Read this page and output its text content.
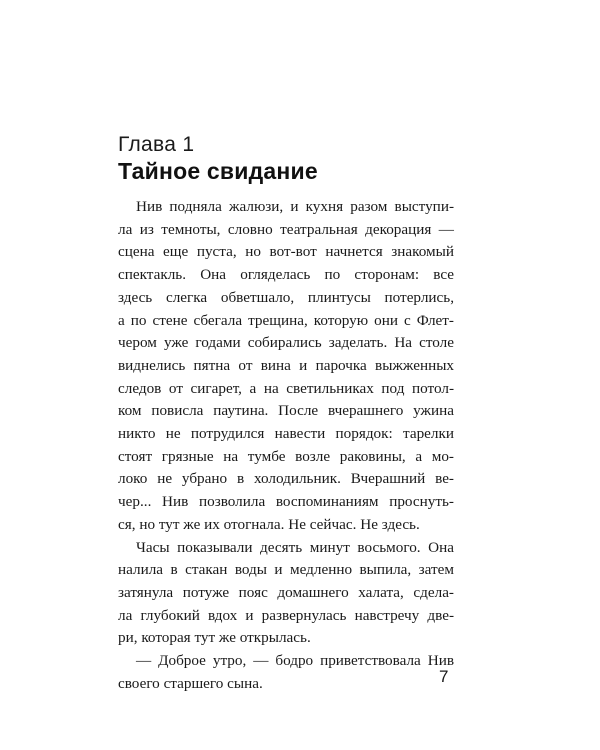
Глава 1
Тайное свидание

Нив подняла жалюзи, и кухня разом выступи-
ла из темноты, словно театральная декорация —
сцена еще пуста, но вот-вот начнется знакомый
спектакль. Она огляделась по сторонам: все
здесь слегка обветшало, плинтусы потерлись,
а по стене сбегала трещина, которую они с Флет-
чером уже годами собирались заделать. На столе
виднелись пятна от вина и парочка выжженных
следов от сигарет, а на светильниках под потол-
ком повисла паутина. После вчерашнего ужина
никто не потрудился навести порядок: тарелки
стоят грязные на тумбе возле раковины, а мо-
локо не убрано в холодильник. Вчерашний ве-
чер... Нив позволила воспоминаниям проснуть-
ся, но тут же их отогнала. Не сейчас. Не здесь.

Часы показывали десять минут восьмого. Она
налила в стакан воды и медленно выпила, затем
затянула потуже пояс домашнего халата, сдела-
ла глубокий вдох и развернулась навстречу две-
ри, которая тут же открылась.

— Доброе утро, — бодро приветствовала Нив
своего старшего сына.	7
